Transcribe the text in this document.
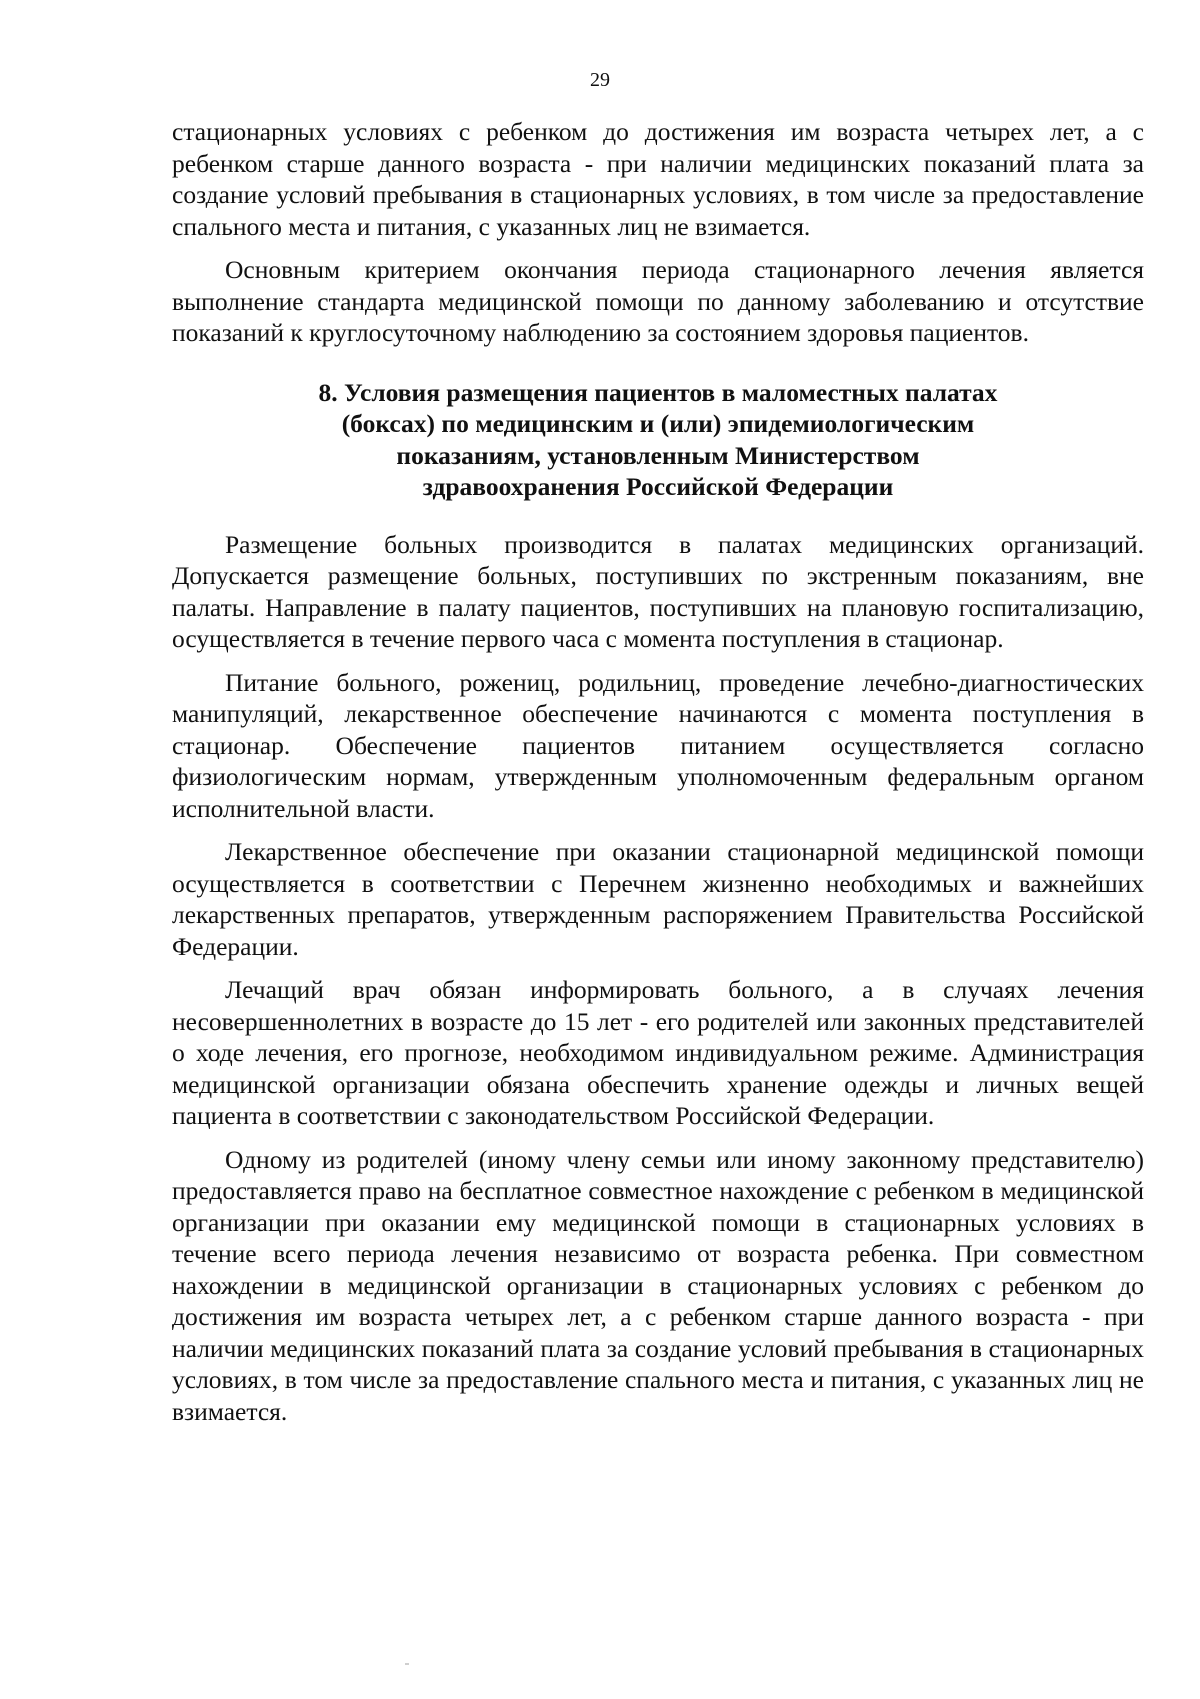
29

стационарных условиях с ребенком до достижения им возраста четырех лет, а с ребенком старше данного возраста - при наличии медицинских показаний плата за создание условий пребывания в стационарных условиях, в том числе за предоставление спального места и питания, с указанных лиц не взимается.

Основным критерием окончания периода стационарного лечения является выполнение стандарта медицинской помощи по данному заболеванию и отсутствие показаний к круглосуточному наблюдению за состоянием здоровья пациентов.

8. Условия размещения пациентов в маломестных палатах
(боксах) по медицинским и (или) эпидемиологическим
показаниям, установленным Министерством
здравоохранения Российской Федерации

Размещение больных производится в палатах медицинских организаций. Допускается размещение больных, поступивших по экстренным показаниям, вне палаты. Направление в палату пациентов, поступивших на плановую госпитализацию, осуществляется в течение первого часа с момента поступления в стационар.

Питание больного, рожениц, родильниц, проведение лечебно-диагностических манипуляций, лекарственное обеспечение начинаются с момента поступления в стационар. Обеспечение пациентов питанием осуществляется согласно физиологическим нормам, утвержденным уполномоченным федеральным органом исполнительной власти.

Лекарственное обеспечение при оказании стационарной медицинской помощи осуществляется в соответствии с Перечнем жизненно необходимых и важнейших лекарственных препаратов, утвержденным распоряжением Правительства Российской Федерации.

Лечащий врач обязан информировать больного, а в случаях лечения несовершеннолетних в возрасте до 15 лет - его родителей или законных представителей о ходе лечения, его прогнозе, необходимом индивидуальном режиме. Администрация медицинской организации обязана обеспечить хранение одежды и личных вещей пациента в соответствии с законодательством Российской Федерации.

Одному из родителей (иному члену семьи или иному законному представителю) предоставляется право на бесплатное совместное нахождение с ребенком в медицинской организации при оказании ему медицинской помощи в стационарных условиях в течение всего периода лечения независимо от возраста ребенка. При совместном нахождении в медицинской организации в стационарных условиях с ребенком до достижения им возраста четырех лет, а с ребенком старше данного возраста - при наличии медицинских показаний плата за создание условий пребывания в стационарных условиях, в том числе за предоставление спального места и питания, с указанных лиц не взимается.
